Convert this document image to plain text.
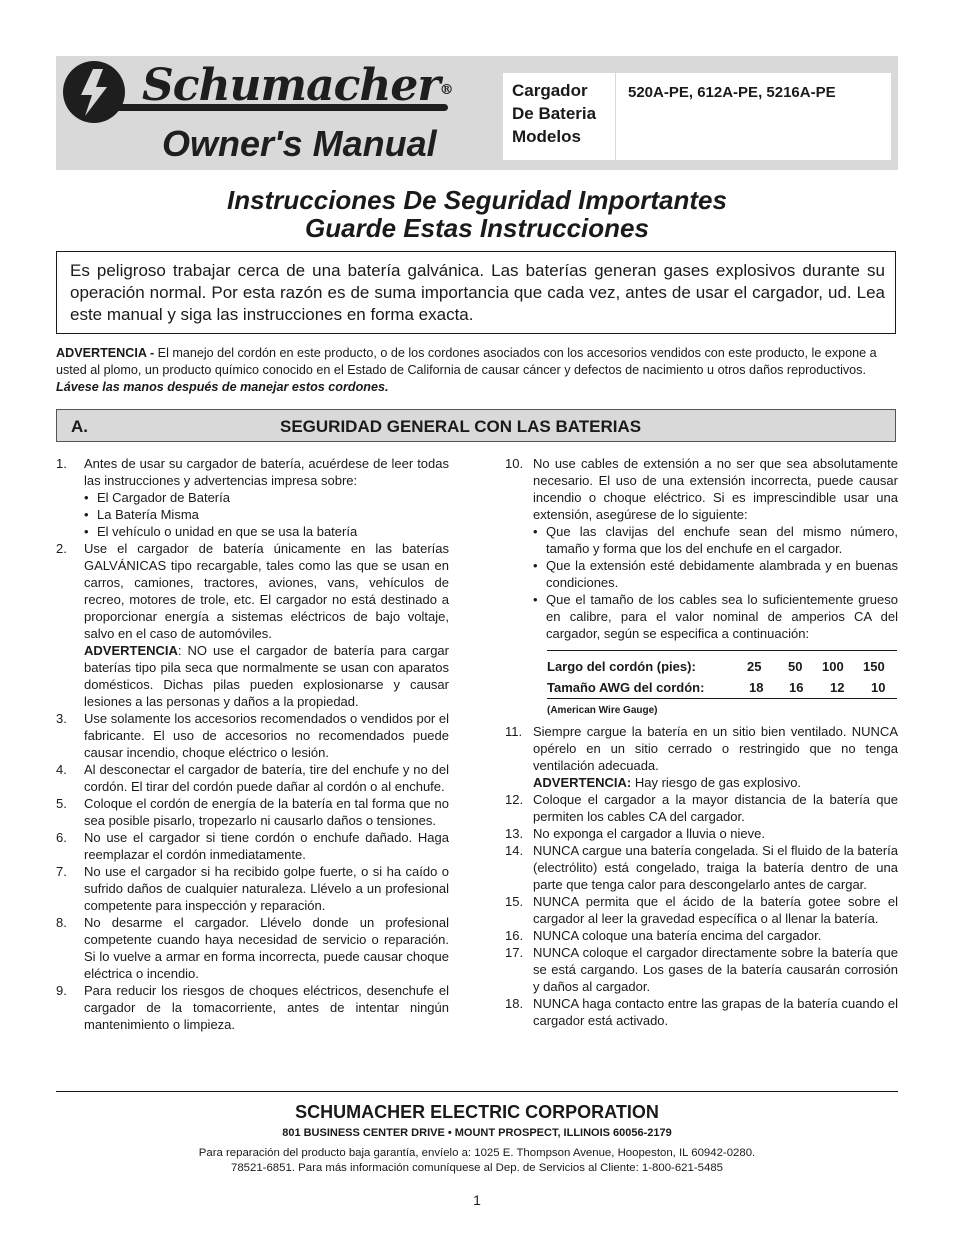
Schumacher®
Owner's Manual
Cargador
De Bateria
Modelos
520A-PE, 612A-PE, 5216A-PE
Instrucciones De Seguridad Importantes
Guarde Estas Instrucciones

Es peligroso trabajar cerca de una batería galvánica. Las baterías generan gases explosivos durante su operación normal. Por esta razón es de suma importancia que cada vez, antes de usar el cargador, ud. Lea este manual y siga las instrucciones en forma exacta.

ADVERTENCIA - El manejo del cordón en este producto, o de los cordones asociados con los accesorios vendidos con este producto, le expone a usted al plomo, un producto químico conocido en el Estado de California de causar cáncer y defectos de nacimiento u otros daños reproductivos. Lávese las manos después de manejar estos cordones.
A.	SEGURIDAD GENERAL CON LAS BATERIAS
1.	Antes de usar su cargador de batería, acuérdese de leer todas las instrucciones y advertencias impresa sobre:
• El Cargador de Batería
• La Batería Misma
• El vehículo o unidad en que se usa la batería
2.	Use el cargador de batería únicamente en las baterías GALVÁNICAS tipo recargable, tales como las que se usan en carros, camiones, tractores, aviones, vans, vehículos de recreo, motores de trole, etc. El cargador no está destinado a proporcionar energía a sistemas eléctricos de bajo voltaje, salvo en el caso de automóviles.
ADVERTENCIA: NO use el cargador de batería para cargar baterías tipo pila seca que normalmente se usan con aparatos domésticos. Dichas pilas pueden explosionarse y causar lesiones a las personas y daños a la propiedad.
3.	Use solamente los accesorios recomendados o vendidos por el fabricante. El uso de accesorios no recomendados puede causar incendio, choque eléctrico o lesión.
4.	Al desconectar el cargador de batería, tire del enchufe y no del cordón. El tirar del cordón puede dañar al cordón o al enchufe.
5.	Coloque el cordón de energía de la batería en tal forma que no sea posible pisarlo, tropezarlo ni causarlo daños o tensiones.
6.	No use el cargador si tiene cordón o enchufe dañado. Haga reemplazar el cordón inmediatamente.
7.	No use el cargador si ha recibido golpe fuerte, o si ha caído o sufrido daños de cualquier naturaleza. Llévelo a un profesional competente para inspección y reparación.
8.	No desarme el cargador. Llévelo donde un profesional competente cuando haya necesidad de servicio o reparación. Si lo vuelve a armar en forma incorrecta, puede causar choque eléctrica o incendio.
9.	Para reducir los riesgos de choques eléctricos, desenchufe el cargador de la tomacorriente, antes de intentar ningún mantenimiento o limpieza.
10. No use cables de extensión a no ser que sea absolutamente necesario. El uso de una extensión incorrecta, puede causar incendio o choque eléctrico. Si es imprescindible usar una extensión, asegúrese de lo siguiente:
• Que las clavijas del enchufe sean del mismo número, tamaño y forma que los del enchufe en el cargador.
• Que la extensión esté debidamente alambrada y en buenas condiciones.
• Que el tamaño de los cables sea lo suficientemente grueso en calibre, para el valor nominal de amperios CA del cargador, según se especifica a continuación:
Largo del cordón (pies):	25 50 100 150
Tamaño AWG del cordón:	18 16 12 10
(American Wire Gauge)
11. Siempre cargue la batería en un sitio bien ventilado. NUNCA opérelo en un sitio cerrado o restringido que no tenga ventilación adecuada.
ADVERTENCIA: Hay riesgo de gas explosivo.
12. Coloque el cargador a la mayor distancia de la batería que permiten los cables CA del cargador.
13. No exponga el cargador a lluvia o nieve.
14. NUNCA cargue una batería congelada. Si el fluido de la batería (electrólito) está congelado, traiga la batería dentro de una parte que tenga calor para descongelarlo antes de cargar.
15. NUNCA permita que el ácido de la batería gotee sobre el cargador al leer la gravedad específica o al llenar la batería.
16. NUNCA coloque una batería encima del cargador.
17. NUNCA coloque el cargador directamente sobre la batería que se está cargando. Los gases de la batería causarán corrosión y daños al cargador.
18. NUNCA haga contacto entre las grapas de la batería cuando el cargador está activado.
SCHUMACHER ELECTRIC CORPORATION
801 BUSINESS CENTER DRIVE • MOUNT PROSPECT, ILLINOIS 60056-2179
Para reparación del producto baja garantía, envíelo a: 1025 E. Thompson Avenue, Hoopeston, IL 60942-0280.
78521-6851. Para más información comuníquese al Dep. de Servicios al Cliente: 1-800-621-5485
1
